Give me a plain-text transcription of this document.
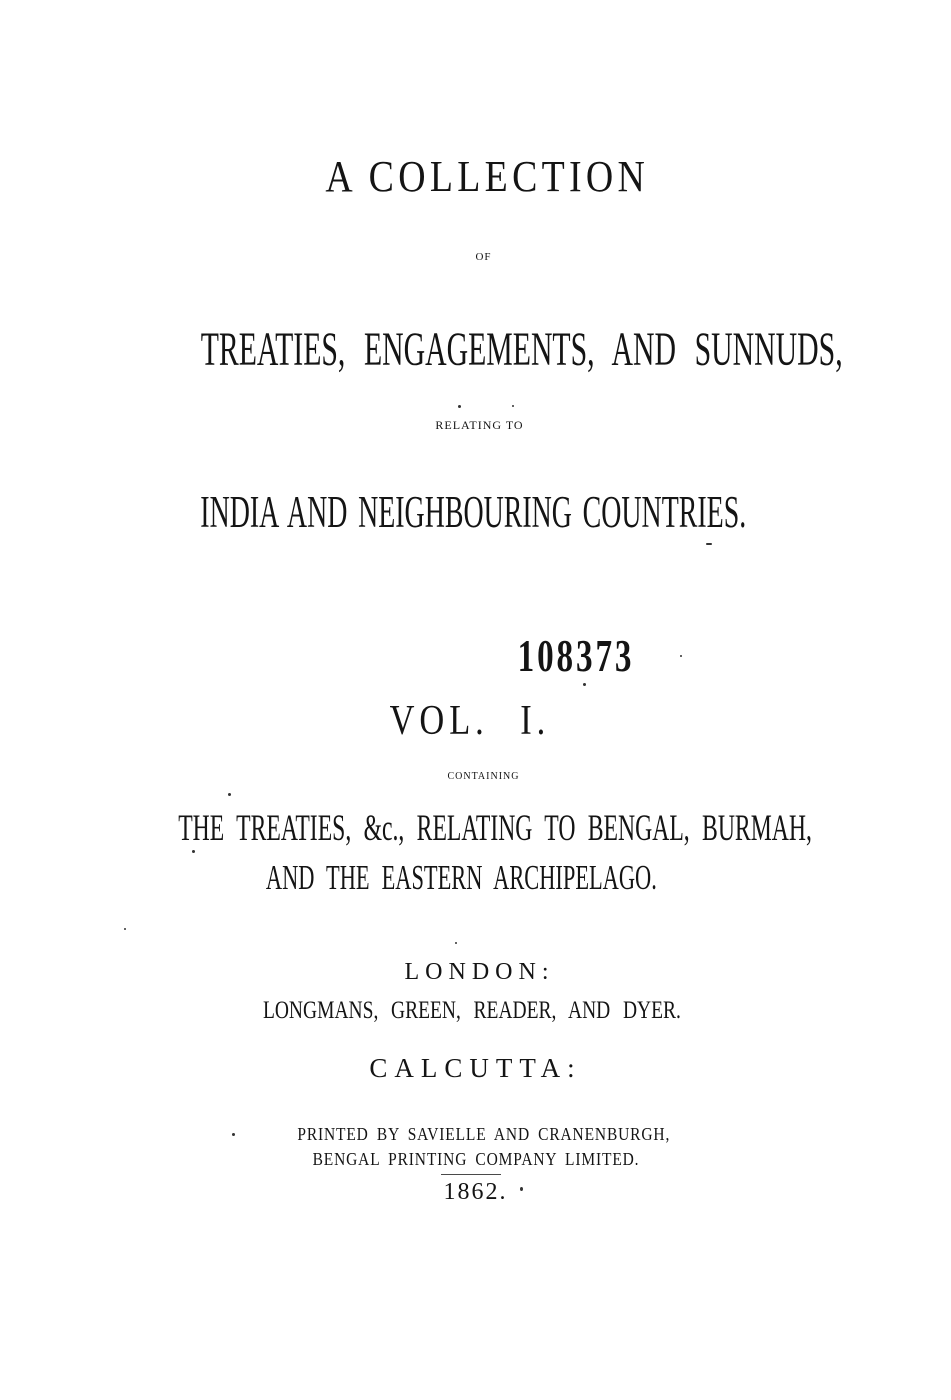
A COLLECTION
OF
TREATIES, ENGAGEMENTS, AND SUNNUDS,
RELATING TO
INDIA AND NEIGHBOURING COUNTRIES.
108373
VOL. I.
CONTAINING
THE TREATIES, &c., RELATING TO BENGAL, BURMAH,
AND THE EASTERN ARCHIPELAGO.
LONDON:
LONGMANS, GREEN, READER, AND DYER.
CALCUTTA:
PRINTED BY SAVIELLE AND CRANENBURGH,
BENGAL PRINTING COMPANY LIMITED.
1862.
